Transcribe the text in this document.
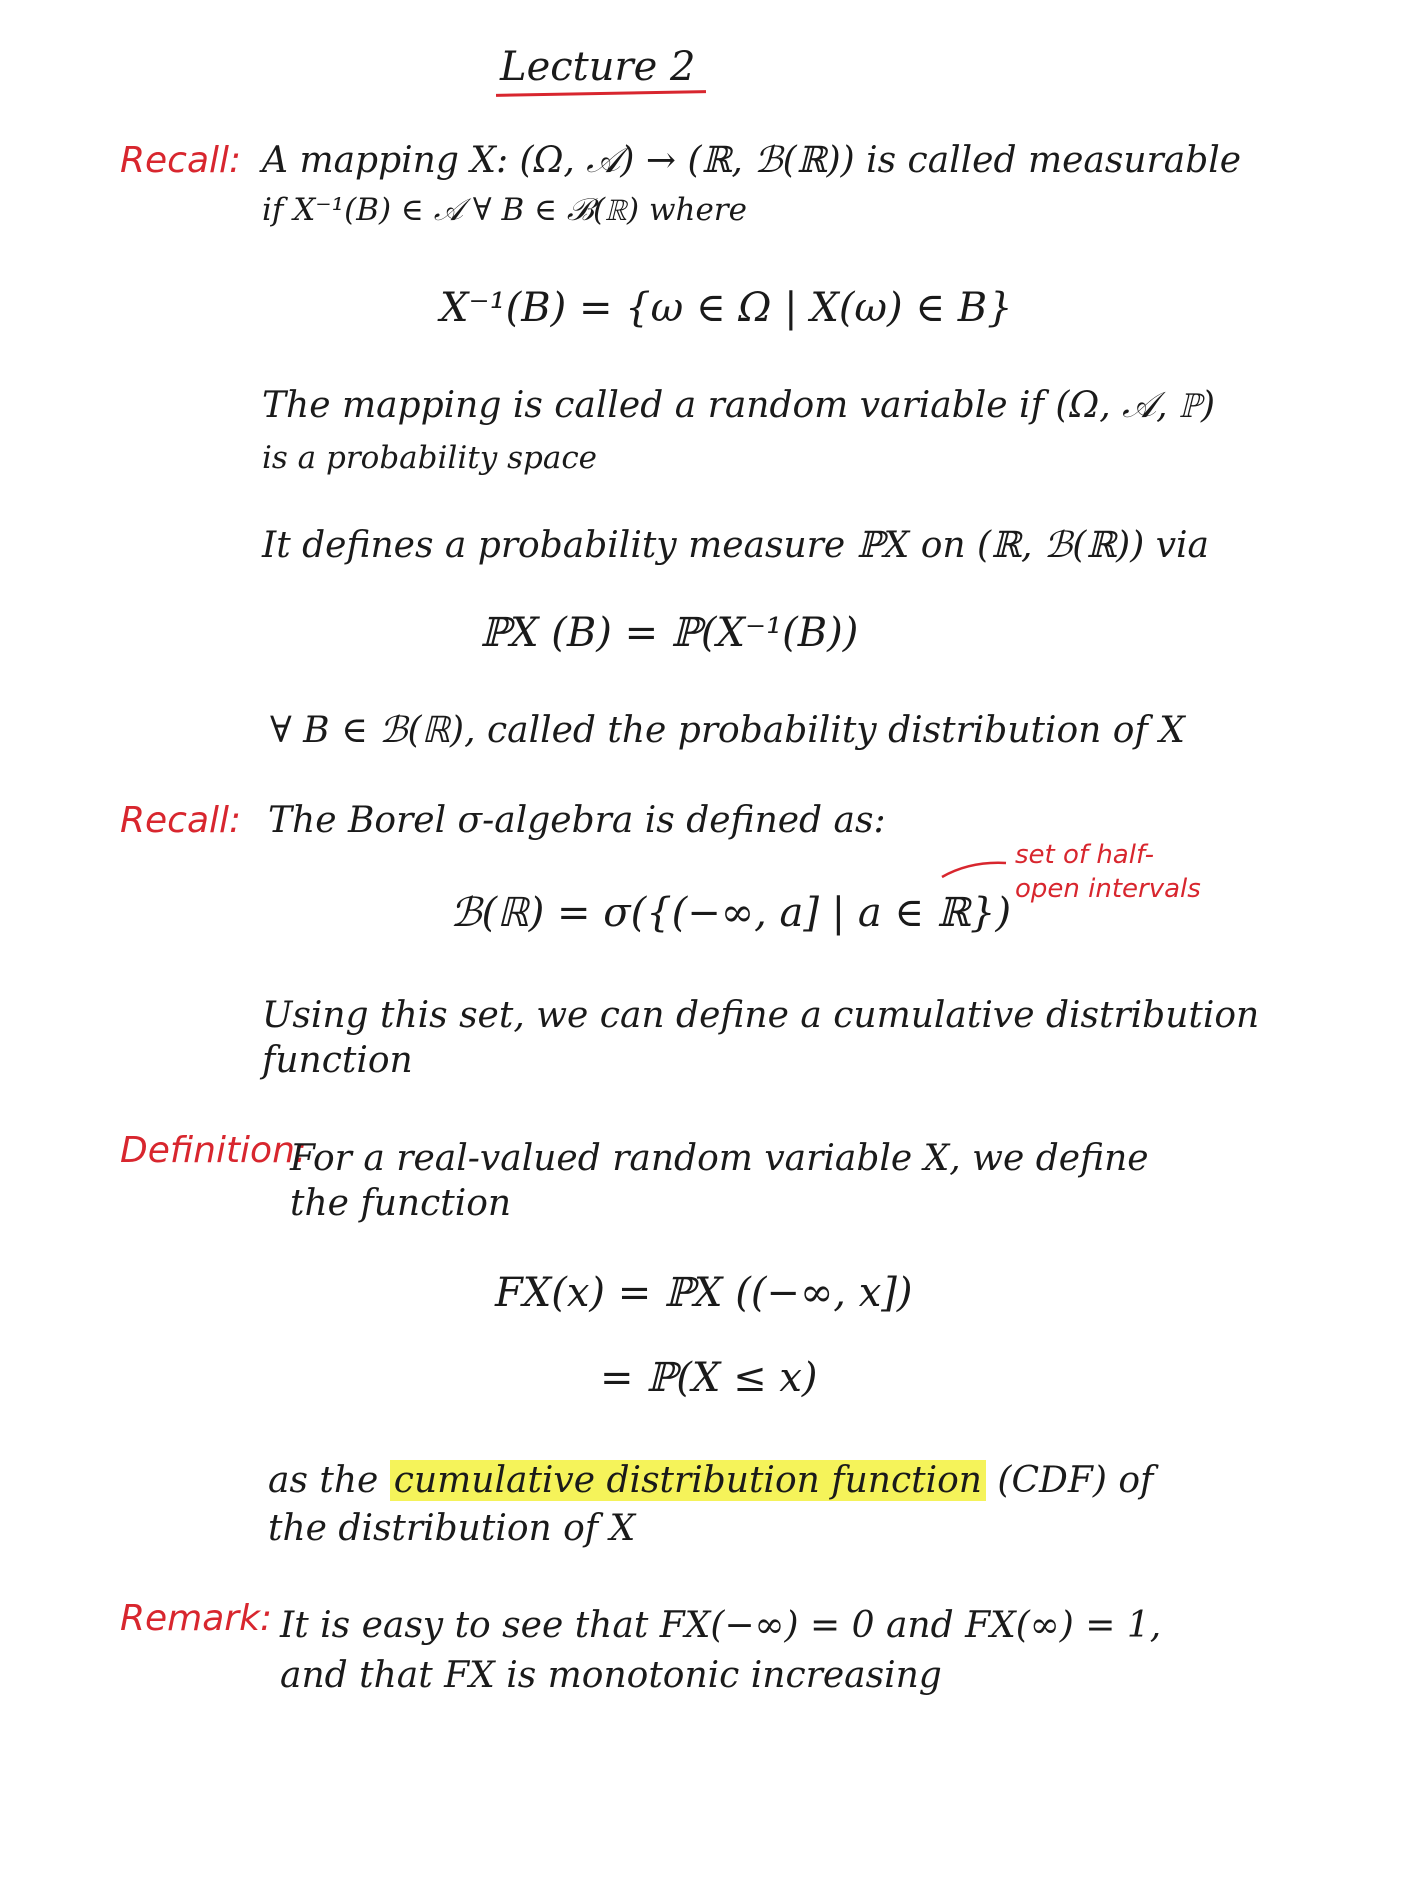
Lecture 2
Recall: A mapping X: (Ω, 𝒜) → (ℝ, ℬ(ℝ)) is called measurable
if X⁻¹(B) ∈ 𝒜 ∀ B ∈ ℬ(ℝ) where
X⁻¹(B) = {ω ∈ Ω | X(ω) ∈ B}
The mapping is called a random variable if (Ω, 𝒜, ℙ)
is a probability space
It defines a probability measure ℙX on (ℝ, ℬ(ℝ)) via
ℙX (B) = ℙ(X⁻¹(B))
∀ B ∈ ℬ(ℝ), called the probability distribution of X
Recall: The Borel σ-algebra is defined as:
ℬ(ℝ) = σ({(−∞, a] | a ∈ ℝ})
set of half-
open intervals
Using this set, we can define a cumulative distribution
function
Definition:
For a real-valued random variable X, we define
the function
FX(x) = ℙX ((−∞, x])
= ℙ(X ≤ x)
as the cumulative distribution function (CDF) of
the distribution of X
Remark: It is easy to see that FX(−∞) = 0 and FX(∞) = 1,
and that FX is monotonic increasing
